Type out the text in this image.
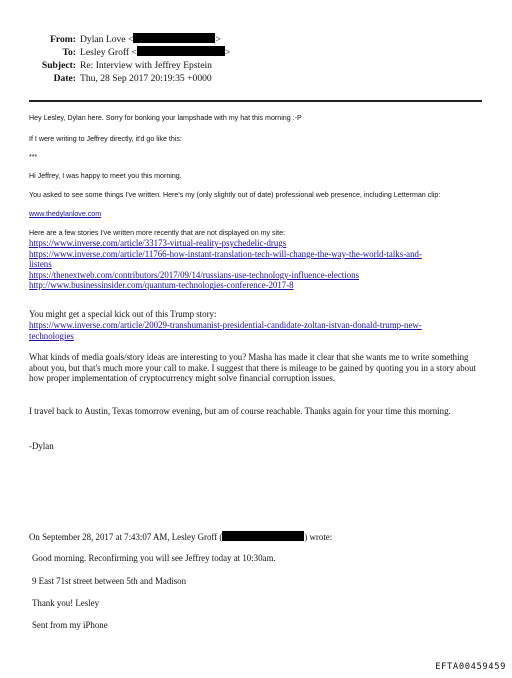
From: Dylan Love <	>
To: Lesley Groff <	>
Subject: Re: Interview with Jeffrey Epstein
Date: Thu, 28 Sep 2017 20:19:35 +0000
Hey Lesley, Dylan here. Sorry for bonking your lampshade with my hat this morning :-P
If I were writing to Jeffrey directly, it'd go like this:
***
Hi Jeffrey, I was happy to meet you this morning.
You asked to see some things I've written. Here's my (only slightly out of date) professional web presence, including Letterman clip:
www.thedylanlove.com
Here are a few stories I've written more recently that are not displayed on my site:
https://www.inverse.com/article/33173-virtual-reality-psychedelic-drugs
https://www.inverse.com/article/11766-how-instant-translation-tech-will-change-the-way-the-world-talks-and-
listens
https://thenextweb.com/contributors/2017/09/14/russians-use-technology-influence-elections
http://www.businessinsider.com/quantum-technologies-conference-2017-8
You might get a special kick out of this Trump story:
https://www.inverse.com/article/20029-transhumanist-presidential-candidate-zoltan-istvan-donald-trump-new-
technologies
What kinds of media goals/story ideas are interesting to you? Masha has made it clear that she wants me to write something about you, but that's much more your call to make. I suggest that there is mileage to be gained by quoting you in a story about how proper implementation of cryptocurrency might solve financial corruption issues.
I travel back to Austin, Texas tomorrow evening, but am of course reachable. Thanks again for your time this morning.
-Dylan
On September 28, 2017 at 7:43:07 AM, Lesley Groff (	) wrote:
Good morning. Reconfirming you will see Jeffrey today at 10:30am.
9 East 71st street between 5th and Madison
Thank you! Lesley
Sent from my iPhone
EFTA00459459
